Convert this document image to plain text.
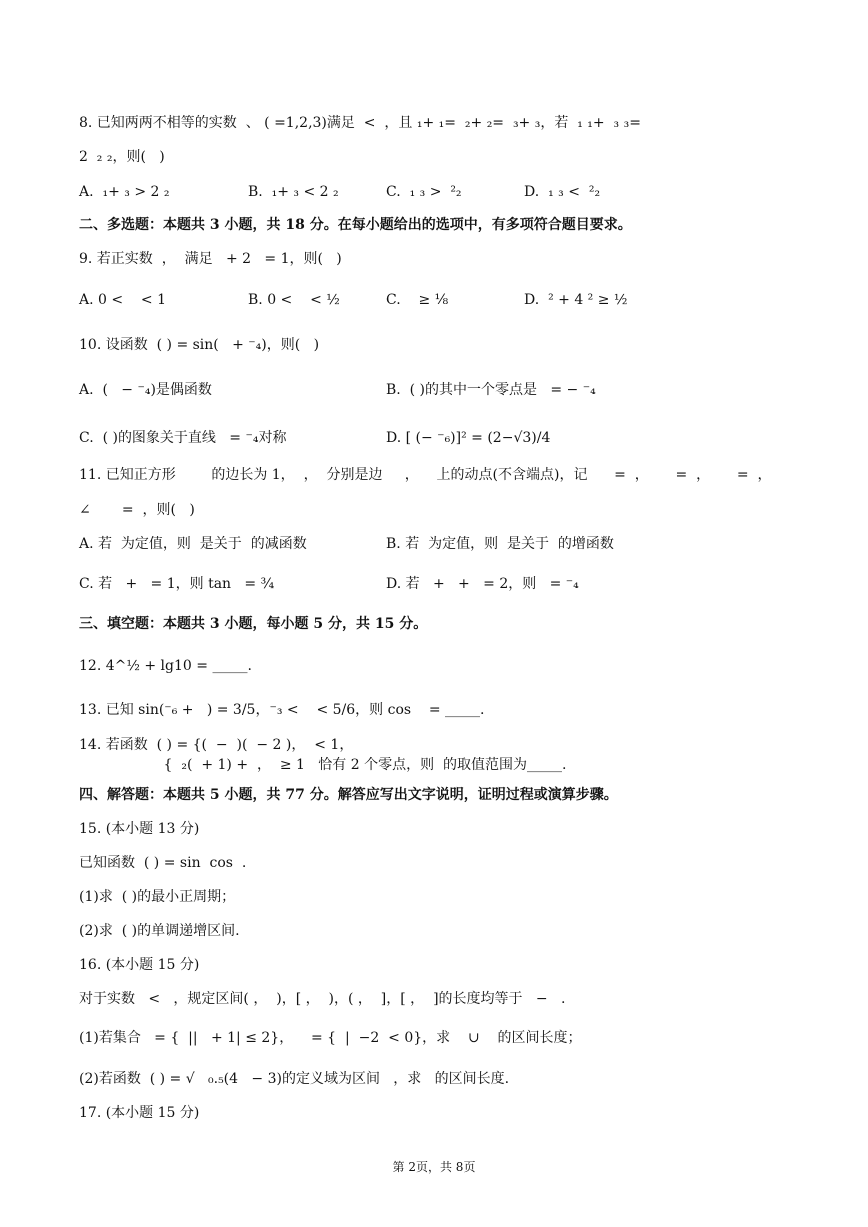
8. 已知两两不相等的实数  、 ( =1,2,3)满足  <  ，且 ₁+ ₁=  ₂+ ₂=  ₃+ ₃，若  ₁ ₁+  ₃ ₃=
2  ₂ ₂，则(   )
A.  ₁+ ₃ > 2 ₂	B.  ₁+ ₃ < 2 ₂	C.  ₁ ₃ >  ²₂	D.  ₁ ₃ <  ²₂
二、多选题：本题共 3 小题，共 18 分。在每小题给出的选项中，有多项符合题目要求。
9. 若正实数  ，  满足   + 2   = 1，则(   )
A. 0 <    < 1	B. 0 <    < ½	C.    ≥ ⅛	D.  ² + 4 ² ≥ ½
10. 设函数  ( ) = sin(   + ⁻₄)，则(   )
A.  (   − ⁻₄)是偶函数	B.  ( )的其中一个零点是   = − ⁻₄
C.  ( )的图象关于直线   = ⁻₄对称	D. [ (− ⁻₆)]² = (2−√3)/4
11. 已知正方形        的边长为 1，  ，  分别是边     ，    上的动点(不含端点)，记      =  ，      =  ，      =  ，
∠       =  ，则(   )
A. 若  为定值，则  是关于  的减函数	B. 若  为定值，则  是关于  的增函数
C. 若   +   = 1，则 tan   = ¾	D. 若   +   +   = 2，则   = ⁻₄
三、填空题：本题共 3 小题，每小题 5 分，共 15 分。
12. 4^½ + lg10 = _____.
13. 已知 sin(⁻₆ +   ) = 3/5，⁻₃ <    < 5/6，则 cos    = _____.
14. 若函数  ( ) = {(  −  )(  − 2 )，  < 1，
{  ₂(  + 1) +  ，  ≥ 1   恰有 2 个零点，则  的取值范围为_____.
四、解答题：本题共 5 小题，共 77 分。解答应写出文字说明，证明过程或演算步骤。
15. (本小题 13 分)
已知函数  ( ) = sin  cos  .
(1)求  ( )的最小正周期；
(2)求  ( )的单调递增区间.
16. (本小题 15 分)
对于实数   <   ，规定区间( ，  )，[ ，  )，( ，  ]，[ ，  ]的长度均等于   −   .
(1)若集合   = {  ||   + 1| ≤ 2}，    = {  |  −2  < 0}，求    ∪    的区间长度；
(2)若函数  ( ) = √   ₀.₅(4   − 3)的定义域为区间   ，求   的区间长度.
17. (本小题 15 分)
第 2页，共 8页
